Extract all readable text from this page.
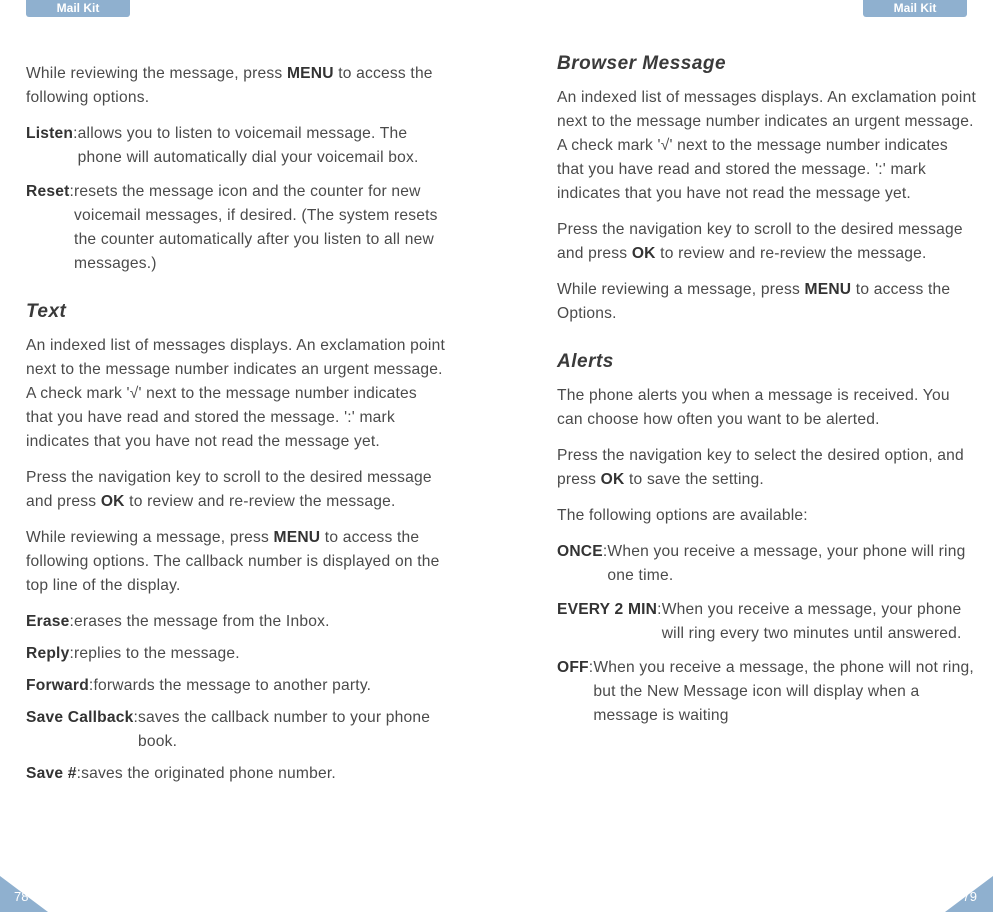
Mail Kit

While reviewing the message, press MENU to access the following options.

Listen: allows you to listen to voicemail message. The phone will automatically dial your voicemail box.
Reset: resets the message icon and the counter for new voicemail messages, if desired. (The system resets the counter automatically after you listen to all new messages.)
Text

An indexed list of messages displays. An exclamation point next to the message number indicates an urgent message. A check mark '√' next to the message number indicates that you have read and stored the message. ':' mark indicates that you have not read the message yet.

Press the navigation key to scroll to the desired message and press OK to review and re-review the message.

While reviewing a message, press MENU to access the following options. The callback number is displayed on the top line of the display.

Erase: erases the message from the Inbox.
Reply: replies to the message.
Forward: forwards the message to another party.
Save Callback: saves the callback number to your phone book.
Save #: saves the originated phone number.
78
Mail Kit
Browser Message

An indexed list of messages displays. An exclamation point next to the message number indicates an urgent message. A check mark '√' next to the message number indicates that you have read and stored the message. ':' mark indicates that you have not read the message yet.

Press the navigation key to scroll to the desired message and press OK to review and re-review the message.

While reviewing a message, press MENU to access the Options.

Alerts

The phone alerts you when a message is received. You can choose how often you want to be alerted.

Press the navigation key to select the desired option, and press OK to save the setting.

The following options are available:

ONCE: When you receive a message, your phone will ring one time.
EVERY 2 MIN: When you receive a message, your phone will ring every two minutes until answered.
OFF: When you receive a message, the phone will not ring, but the New Message icon will display when a message is waiting
79
